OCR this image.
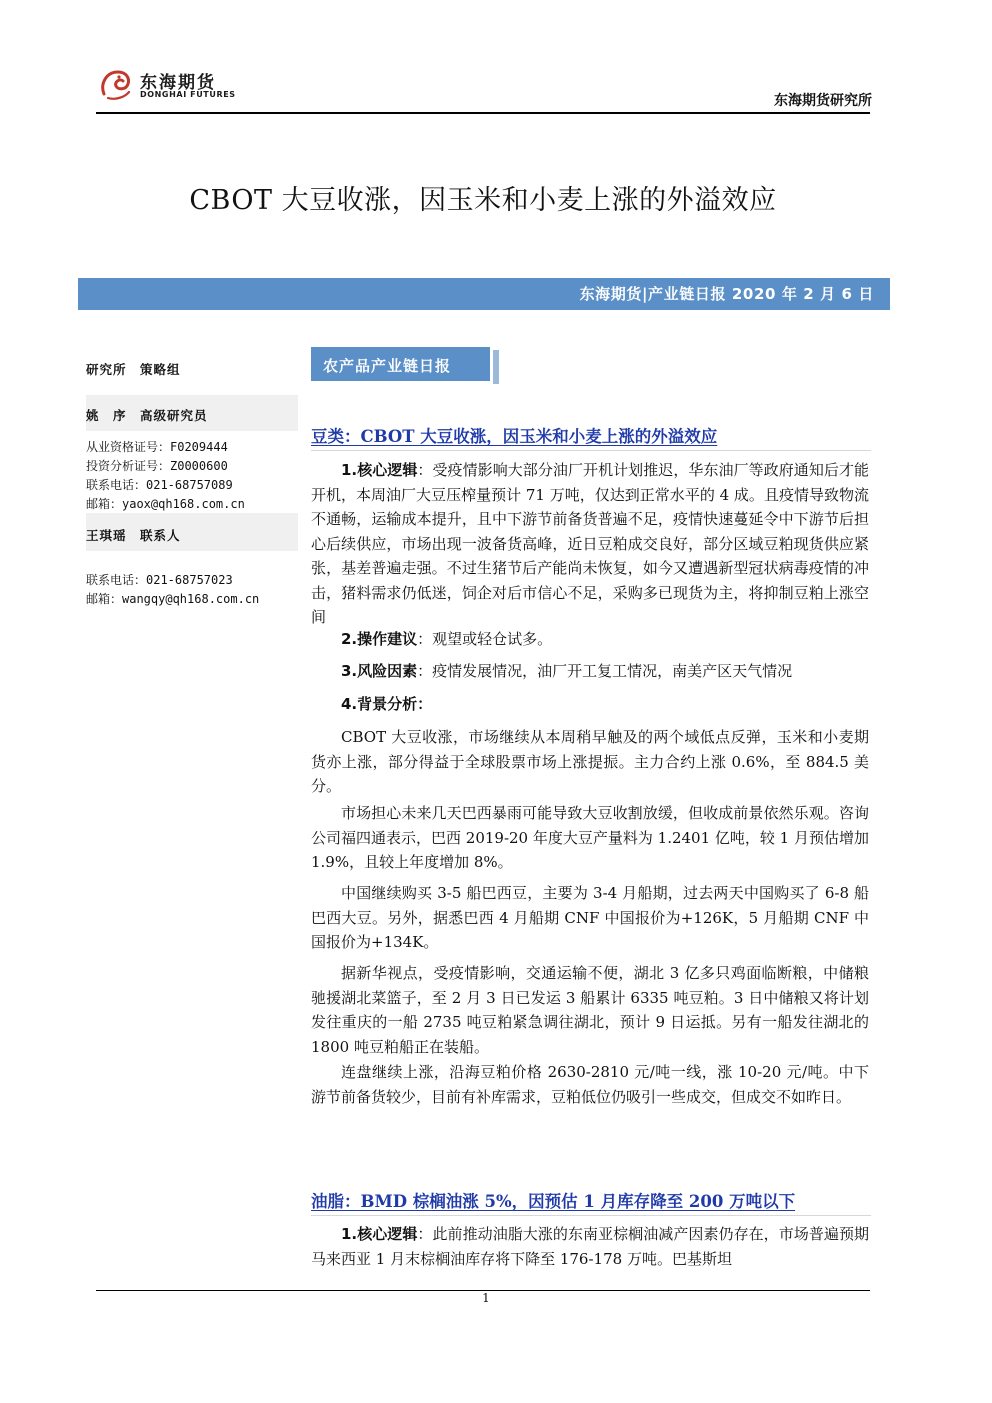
东海期货
DONGHAI FUTURES	东海期货研究所
CBOT 大豆收涨，因玉米和小麦上涨的外溢效应
东海期货|产业链日报 2020 年 2 月 6 日
研究所　策略组
姚　序　高级研究员
从业资格证号：F0209444
投资分析证号：Z0000600
联系电话：021-68757089
邮箱：yaox@qh168.com.cn
王琪瑶　联系人
联系电话：021-68757023
邮箱：wangqy@qh168.com.cn
农产品产业链日报
豆类：CBOT 大豆收涨，因玉米和小麦上涨的外溢效应

1.核心逻辑：受疫情影响大部分油厂开机计划推迟，华东油厂等政府通知后才能开机，本周油厂大豆压榨量预计 71 万吨，仅达到正常水平的 4 成。且疫情导致物流不通畅，运输成本提升，且中下游节前备货普遍不足，疫情快速蔓延令中下游节后担心后续供应，市场出现一波备货高峰，近日豆粕成交良好，部分区域豆粕现货供应紧张，基差普遍走强。不过生猪节后产能尚未恢复，如今又遭遇新型冠状病毒疫情的冲击，猪料需求仍低迷，饲企对后市信心不足，采购多已现货为主，将抑制豆粕上涨空间

2.操作建议：观望或轻仓试多。

3.风险因素：疫情发展情况，油厂开工复工情况，南美产区天气情况

4.背景分析：

CBOT 大豆收涨，市场继续从本周稍早触及的两个域低点反弹，玉米和小麦期货亦上涨，部分得益于全球股票市场上涨提振。主力合约上涨 0.6%，至 884.5 美分。

市场担心未来几天巴西暴雨可能导致大豆收割放缓，但收成前景依然乐观。咨询公司福四通表示，巴西 2019-20 年度大豆产量料为 1.2401 亿吨，较 1 月预估增加 1.9%，且较上年度增加 8%。

中国继续购买 3-5 船巴西豆，主要为 3-4 月船期，过去两天中国购买了 6-8 船巴西大豆。另外，据悉巴西 4 月船期 CNF 中国报价为+126K，5 月船期 CNF 中国报价为+134K。

据新华视点，受疫情影响，交通运输不便，湖北 3 亿多只鸡面临断粮，中储粮驰援湖北菜篮子，至 2 月 3 日已发运 3 船累计 6335 吨豆粕。3 日中储粮又将计划发往重庆的一船 2735 吨豆粕紧急调往湖北，预计 9 日运抵。另有一船发往湖北的 1800 吨豆粕船正在装船。

连盘继续上涨，沿海豆粕价格 2630-2810 元/吨一线，涨 10-20 元/吨。中下游节前备货较少，目前有补库需求，豆粕低位仍吸引一些成交，但成交不如昨日。

油脂：BMD 棕榈油涨 5%，因预估 1 月库存降至 200 万吨以下

1.核心逻辑：此前推动油脂大涨的东南亚棕榈油减产因素仍存在，市场普遍预期马来西亚 1 月末棕榈油库存将下降至 176-178 万吨。巴基斯坦

1
